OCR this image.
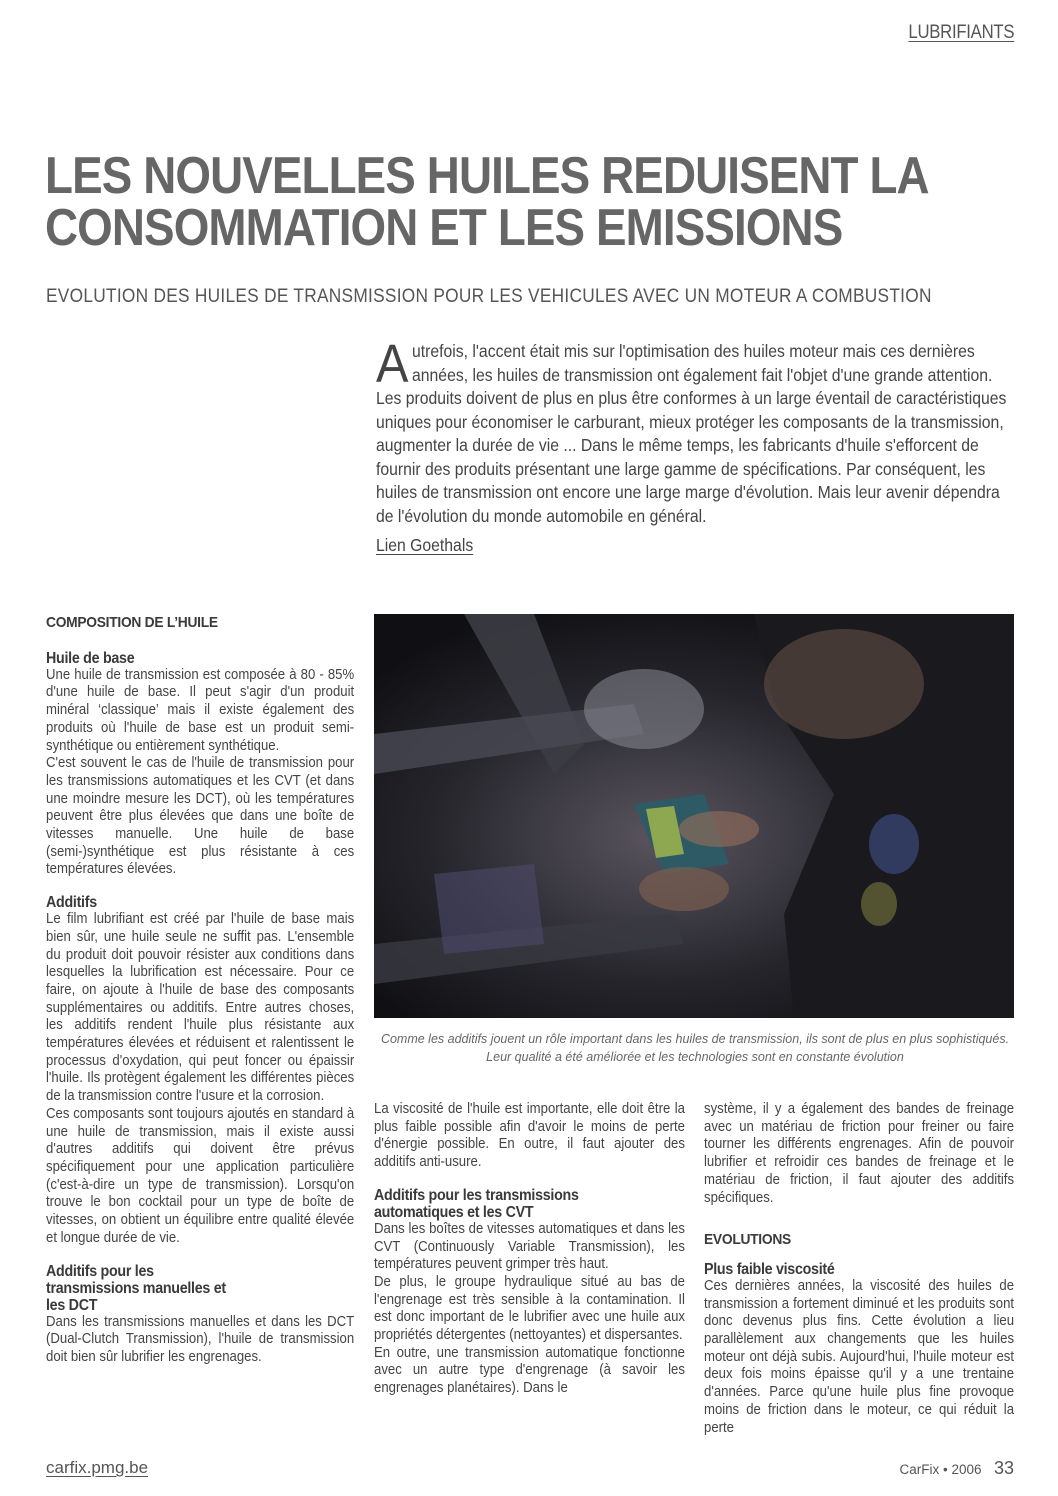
LUBRIFIANTS
LES NOUVELLES HUILES REDUISENT LA
CONSOMMATION ET LES EMISSIONS
EVOLUTION DES HUILES DE TRANSMISSION POUR LES VEHICULES AVEC UN MOTEUR A COMBUSTION

Autrefois, l'accent était mis sur l'optimisation des huiles moteur mais ces dernières années, les huiles de transmission ont également fait l'objet d'une grande attention. Les produits doivent de plus en plus être conformes à un large éventail de caractéristiques uniques pour économiser le carburant, mieux protéger les composants de la transmission, augmenter la durée de vie ... Dans le même temps, les fabricants d'huile s'efforcent de fournir des produits présentant une large gamme de spécifications. Par conséquent, les huiles de transmission ont encore une large marge d'évolution. Mais leur avenir dépendra de l'évolution du monde automobile en général.

Lien Goethals

COMPOSITION DE L’HUILE

Huile de base

Une huile de transmission est composée à 80 - 85% d'une huile de base. Il peut s'agir d'un produit minéral ‘classique’ mais il existe également des produits où l'huile de base est un produit semi-synthétique ou entièrement synthétique.

C'est souvent le cas de l'huile de transmission pour les transmissions automatiques et les CVT (et dans une moindre mesure les DCT), où les températures peuvent être plus élevées que dans une boîte de vitesses manuelle. Une huile de base (semi-)synthétique est plus résistante à ces températures élevées.

Additifs

Le film lubrifiant est créé par l'huile de base mais bien sûr, une huile seule ne suffit pas. L'ensemble du produit doit pouvoir résister aux conditions dans lesquelles la lubrification est nécessaire. Pour ce faire, on ajoute à l'huile de base des composants supplémentaires ou additifs. Entre autres choses, les additifs rendent l'huile plus résistante aux températures élevées et réduisent et ralentissent le processus d'oxydation, qui peut foncer ou épaissir l'huile. Ils protègent également les différentes pièces de la transmission contre l'usure et la corrosion.

Ces composants sont toujours ajoutés en standard à une huile de transmission, mais il existe aussi d'autres additifs qui doivent être prévus spécifiquement pour une application particulière (c'est-à-dire un type de transmission). Lorsqu'on trouve le bon cocktail pour un type de boîte de vitesses, on obtient un équilibre entre qualité élevée et longue durée de vie.

Additifs pour les transmissions manuelles et les DCT

Dans les transmissions manuelles et dans les DCT (Dual-Clutch Transmission), l'huile de transmission doit bien sûr lubrifier les engrenages.

Comme les additifs jouent un rôle important dans les huiles de transmission, ils sont de plus en plus sophistiqués.

Leur qualité a été améliorée et les technologies sont en constante évolution

La viscosité de l'huile est importante, elle doit être la plus faible possible afin d'avoir le moins de perte d'énergie possible. En outre, il faut ajouter des additifs anti-usure.

Additifs pour les transmissions automatiques et les CVT

Dans les boîtes de vitesses automatiques et dans les CVT (Continuously Variable Transmission), les températures peuvent grimper très haut.

De plus, le groupe hydraulique situé au bas de l'engrenage est très sensible à la contamination. Il est donc important de le lubrifier avec une huile aux propriétés détergentes (nettoyantes) et dispersantes.

En outre, une transmission automatique fonctionne avec un autre type d'engrenage (à savoir les engrenages planétaires). Dans le

système, il y a également des bandes de freinage avec un matériau de friction pour freiner ou faire tourner les différents engrenages. Afin de pouvoir lubrifier et refroidir ces bandes de freinage et le matériau de friction, il faut ajouter des additifs spécifiques.

EVOLUTIONS

Plus faible viscosité

Ces dernières années, la viscosité des huiles de transmission a fortement diminué et les produits sont donc devenus plus fins. Cette évolution a lieu parallèlement aux changements que les huiles moteur ont déjà subis. Aujourd'hui, l'huile moteur est deux fois moins épaisse qu'il y a une trentaine d'années. Parce qu'une huile plus fine provoque moins de friction dans le moteur, ce qui réduit la perte

carfix.pmg.be	CarFix • 2006 33
